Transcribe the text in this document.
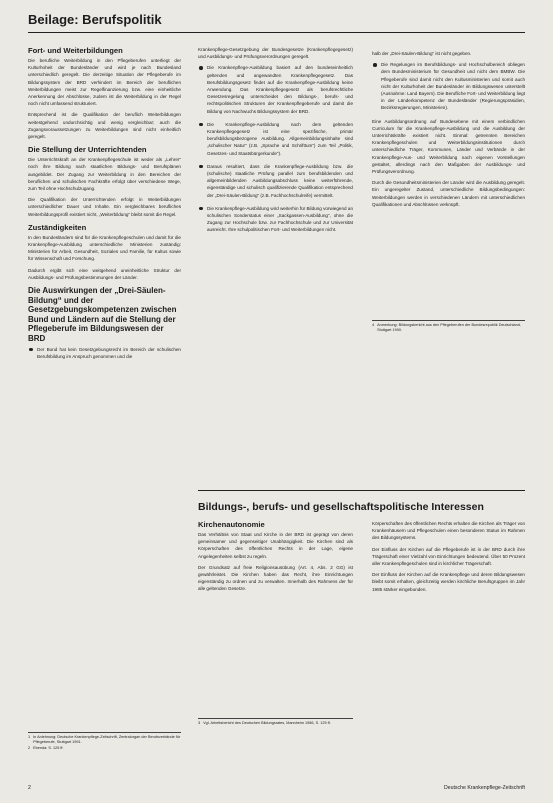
Beilage: Berufspolitik
Fort- und Weiterbildungen

Die berufliche Weiterbildung in den Pflegeberufen unterliegt der Kulturhoheit der Bundesländer und wird je nach Bundesland unterschiedlich geregelt. Die derzeitige Situation der Pflegeberufe im Bildungssystem der BRD verhindert im Bereich der beruflichen Weiterbildungen meist zur Regelfinanzierung bzw. eine einheitliche Anerkennung der Abschlüsse, zudem ist die Weiterbildung in der Regel noch nicht umfassend strukturiert.

Entsprechend ist die Qualifikation der beruflich Weiterbildungen weitestgehend undurchsichtig und wenig vergleichbar; auch die Zugangsvoraussetzungen zu Weiterbildungen sind nicht einheitlich geregelt.

Die Stellung der Unterrichtenden

Die Unterrichtskraft an der Krankenpflegeschule ist weder als „Lehrer“ noch ihre Bildung nach staatlichen Bildungs- und Berufsplänen ausgebildet. Der Zugang zur Weiterbildung in den Bereichen der beruflichen und schulischen Fachkräfte erfolgt über verschiedene Wege, zum Teil ohne Hochschulzugang.

Die Qualifikation der Unterrichtenden erfolgt in Weiterbildungen unterschiedlicher Dauer und Inhalte. Ein vergleichbares berufliches Weiterbildungsprofil existiert nicht, „Weiterbildung“ bleibt somit die Regel.

Zuständigkeiten

In den Bundesländern sind für die Krankenpflegeschulen und damit für die Krankenpflege-Ausbildung unterschiedliche Ministerien zuständig: Ministerien für Arbeit, Gesundheit, Soziales und Familie, für Kultus sowie für Wissenschaft und Forschung.

Dadurch ergibt sich eine weitgehend uneinheitliche Struktur der Ausbildungs- und Prüfungsbestimmungen der Länder.

Die Auswirkungen der „Drei-Säulen-Bildung“ und der Gesetzgebungskompetenzen zwischen Bund und Ländern auf die Stellung der Pflegeberufe im Bildungswesen der BRD
Der Bund hat kein Gesetzgebungsrecht im Bereich der schulischen Berufsbildung im Anspruch genommen und die

Krankenpflege-Gesetzgebung der Bundesgesetze (Krankenpflegegesetz) und Ausbildungs- und Prüfungsverordnungen geregelt.

Die Krankenpflege-Ausbildung basiert auf den bundeseinheitlich geltenden und angewandten Krankenpflegegesetz. Das Berufsbildungsgesetz findet auf die Krankenpflege-Ausbildung keine Anwendung. Das Krankenpflegegesetz als berufsrechtliche Gesetzesregelung unterscheidet den Bildungs-, berufs- und rechtspolitischen Strukturen der Krankenpflegeberufe und damit die Bildung von Nachwuchs Bildungssystem der BRD.
Die Krankenpflege-Ausbildung nach dem geltenden Krankenpflegegesetz ist eine spezifische, primär berufsbildungsbezogene Ausbildung. Allgemeinbildungsinhalte sind „schulischer Natur“ (z.B. „Sprache und Schrifttum“) zum Teil „Politik, Gesetzes- und Staatsbürgerkunde“).
Daraus resultiert, dass die Krankenpflege-Ausbildung bzw. die (schulische) staatliche Prüfung parallel zum berufsbildenden und allgemeinbildenden Ausbildungsabschluss keine weiterführende, eigenständige und schulisch qualifizierende Qualifikation entsprechend der „Drei-Säulen-Bildung“ (z.B. Fachhochschulreife) vermittelt.
Die Krankenpflege-Ausbildung wird weiterhin für Bildung vorwiegend an schulischen Sonderstatus einer „Sackgassen-Ausbildung“, ohne die Zugang zur Hochschule bzw. zur Fachhochschule und zur Universität ausreicht. Ihre schulpolitischen Fort- und Weiterbildungen nicht.

halb der „Drei-Säulen-Bildung“ ist nicht gegeben.

Die Regelungen im Berufsbildungs- und Hochschulbereich obliegen dem Bundesministerium für Gesundheit und nicht dem BMBW. Die Pflegeberufe sind damit nicht den Kultusministerien und somit auch nicht der Kulturhoheit der Bundesländer im Bildungswesen unterstellt (Ausnahme: Land Bayern). Die Berufliche Fort- und Weiterbildung liegt in der Länderkompetenz der Bundesländer (Regierungspräsidien, Bezirksregierungen, Ministerien).

Eine Ausbildungsordnung auf Bundesebene mit einem verbindlichen Curriculum für die Krankenpflege-Ausbildung und die Ausbildung der Unterrichtskräfte existiert nicht. Einmal: getrennten Bereichen Krankenpflegeschulen und Weiterbildungsinstitutionen durch unterschiedliche Träger, Kommunen, Länder und Verbände in der Krankenpflege-Aus- und Weiterbildung nach eigenen Vorstellungen gestaltet, allerdings nach den Maßgaben der Ausbildungs- und Prüfungsverordnung.

Durch die Gesundheitsministerien der Länder wird die Ausbildung geregelt. Ein ungeregelter Zustand, unterschiedliche Bildungsbedingungen: Weiterbildungen werden in verschiedenen Ländern mit unterschiedlichen Qualifikationen und Abschlüssen verknüpft.

4 Anmerkung: Bildungsbericht aus den Pflegeberufen der Bundesrepublik Deutschland, Stuttgart 1990.
Bildungs-, berufs- und gesellschaftspolitische Interessen
Kirchenautonomie

Das Verhältnis von Staat und Kirche in der BRD ist geprägt von deren gemeinsamer und gegenseitiger Unabhängigkeit. Die Kirchen sind als Körperschaften des öffentlichen Rechts in der Lage, eigene Angelegenheiten selbst zu regeln.

Der Grundsatz auf freie Religionsausübung (Art. 4, Abs. 2 GG) ist gewährleistet. Die Kirchen haben das Recht, ihre Einrichtungen eigenständig zu ordnen und zu verwalten. Innerhalb des Rahmens der für alle geltenden Gesetze.

Körperschaften des öffentlichen Rechts erhalten die Kirchen als Träger von Krankenhäusern und Pflegeschulen einen besonderen Status im Rahmen des Bildungssystems.

Der Einfluss der Kirchen auf die Pflegeberufe ist in der BRD durch ihre Trägerschaft einer Vielzahl von Einrichtungen bedeutend. Über 50 Prozent aller Krankenpflegeschulen sind in kirchlicher Trägerschaft.

Der Einfluss der Kirchen auf die Krankenpflege und deren Bildungswesen bleibt somit erhalten, gleichzeitig werden kirchliche Berufsgruppen im Jahr 1985 stärker eingebunden.

1 In Anlehnung: Deutsche Krankenpflege-Zeitschrift, Zentralorgan der Berufsverbände für Pflegeberufe, Stuttgart 1991.
2 Ebenda: S. 125 ff.
3 Vgl. Arbeitsbericht des Deutschen Bildungsrates, Mannheim 1986, S. 125 ff.
2	Deutsche Krankenpflege-Zeitschrift
